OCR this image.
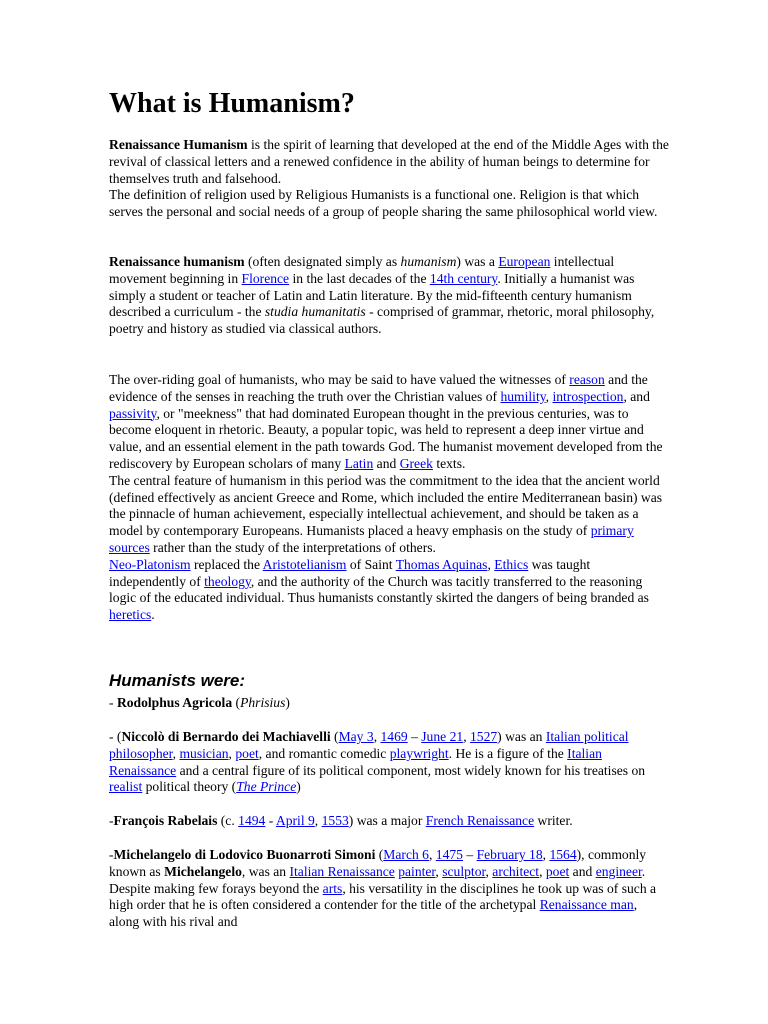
What is Humanism?

Renaissance Humanism is the spirit of learning that developed at the end of the Middle Ages with the revival of classical letters and a renewed confidence in the ability of human beings to determine for themselves truth and falsehood.
The definition of religion used by Religious Humanists is a functional one. Religion is that which serves the personal and social needs of a group of people sharing the same philosophical world view.

Renaissance humanism (often designated simply as humanism) was a European intellectual movement beginning in Florence in the last decades of the 14th century. Initially a humanist was simply a student or teacher of Latin and Latin literature. By the mid-fifteenth century humanism described a curriculum - the studia humanitatis - comprised of grammar, rhetoric, moral philosophy, poetry and history as studied via classical authors.

The over-riding goal of humanists, who may be said to have valued the witnesses of reason and the evidence of the senses in reaching the truth over the Christian values of humility, introspection, and passivity, or "meekness" that had dominated European thought in the previous centuries, was to become eloquent in rhetoric. Beauty, a popular topic, was held to represent a deep inner virtue and value, and an essential element in the path towards God. The humanist movement developed from the rediscovery by European scholars of many Latin and Greek texts.
The central feature of humanism in this period was the commitment to the idea that the ancient world (defined effectively as ancient Greece and Rome, which included the entire Mediterranean basin) was the pinnacle of human achievement, especially intellectual achievement, and should be taken as a model by contemporary Europeans. Humanists placed a heavy emphasis on the study of primary sources rather than the study of the interpretations of others.
Neo-Platonism replaced the Aristotelianism of Saint Thomas Aquinas, Ethics was taught independently of theology, and the authority of the Church was tacitly transferred to the reasoning logic of the educated individual. Thus humanists constantly skirted the dangers of being branded as heretics.

Humanists were:

- Rodolphus Agricola (Phrisius)

- (Niccolò di Bernardo dei Machiavelli (May 3, 1469 – June 21, 1527) was an Italian political philosopher, musician, poet, and romantic comedic playwright. He is a figure of the Italian Renaissance and a central figure of its political component, most widely known for his treatises on realist political theory (The Prince)

-François Rabelais (c. 1494 - April 9, 1553) was a major French Renaissance writer.

-Michelangelo di Lodovico Buonarroti Simoni (March 6, 1475 – February 18, 1564), commonly known as Michelangelo, was an Italian Renaissance painter, sculptor, architect, poet and engineer. Despite making few forays beyond the arts, his versatility in the disciplines he took up was of such a high order that he is often considered a contender for the title of the archetypal Renaissance man, along with his rival and
